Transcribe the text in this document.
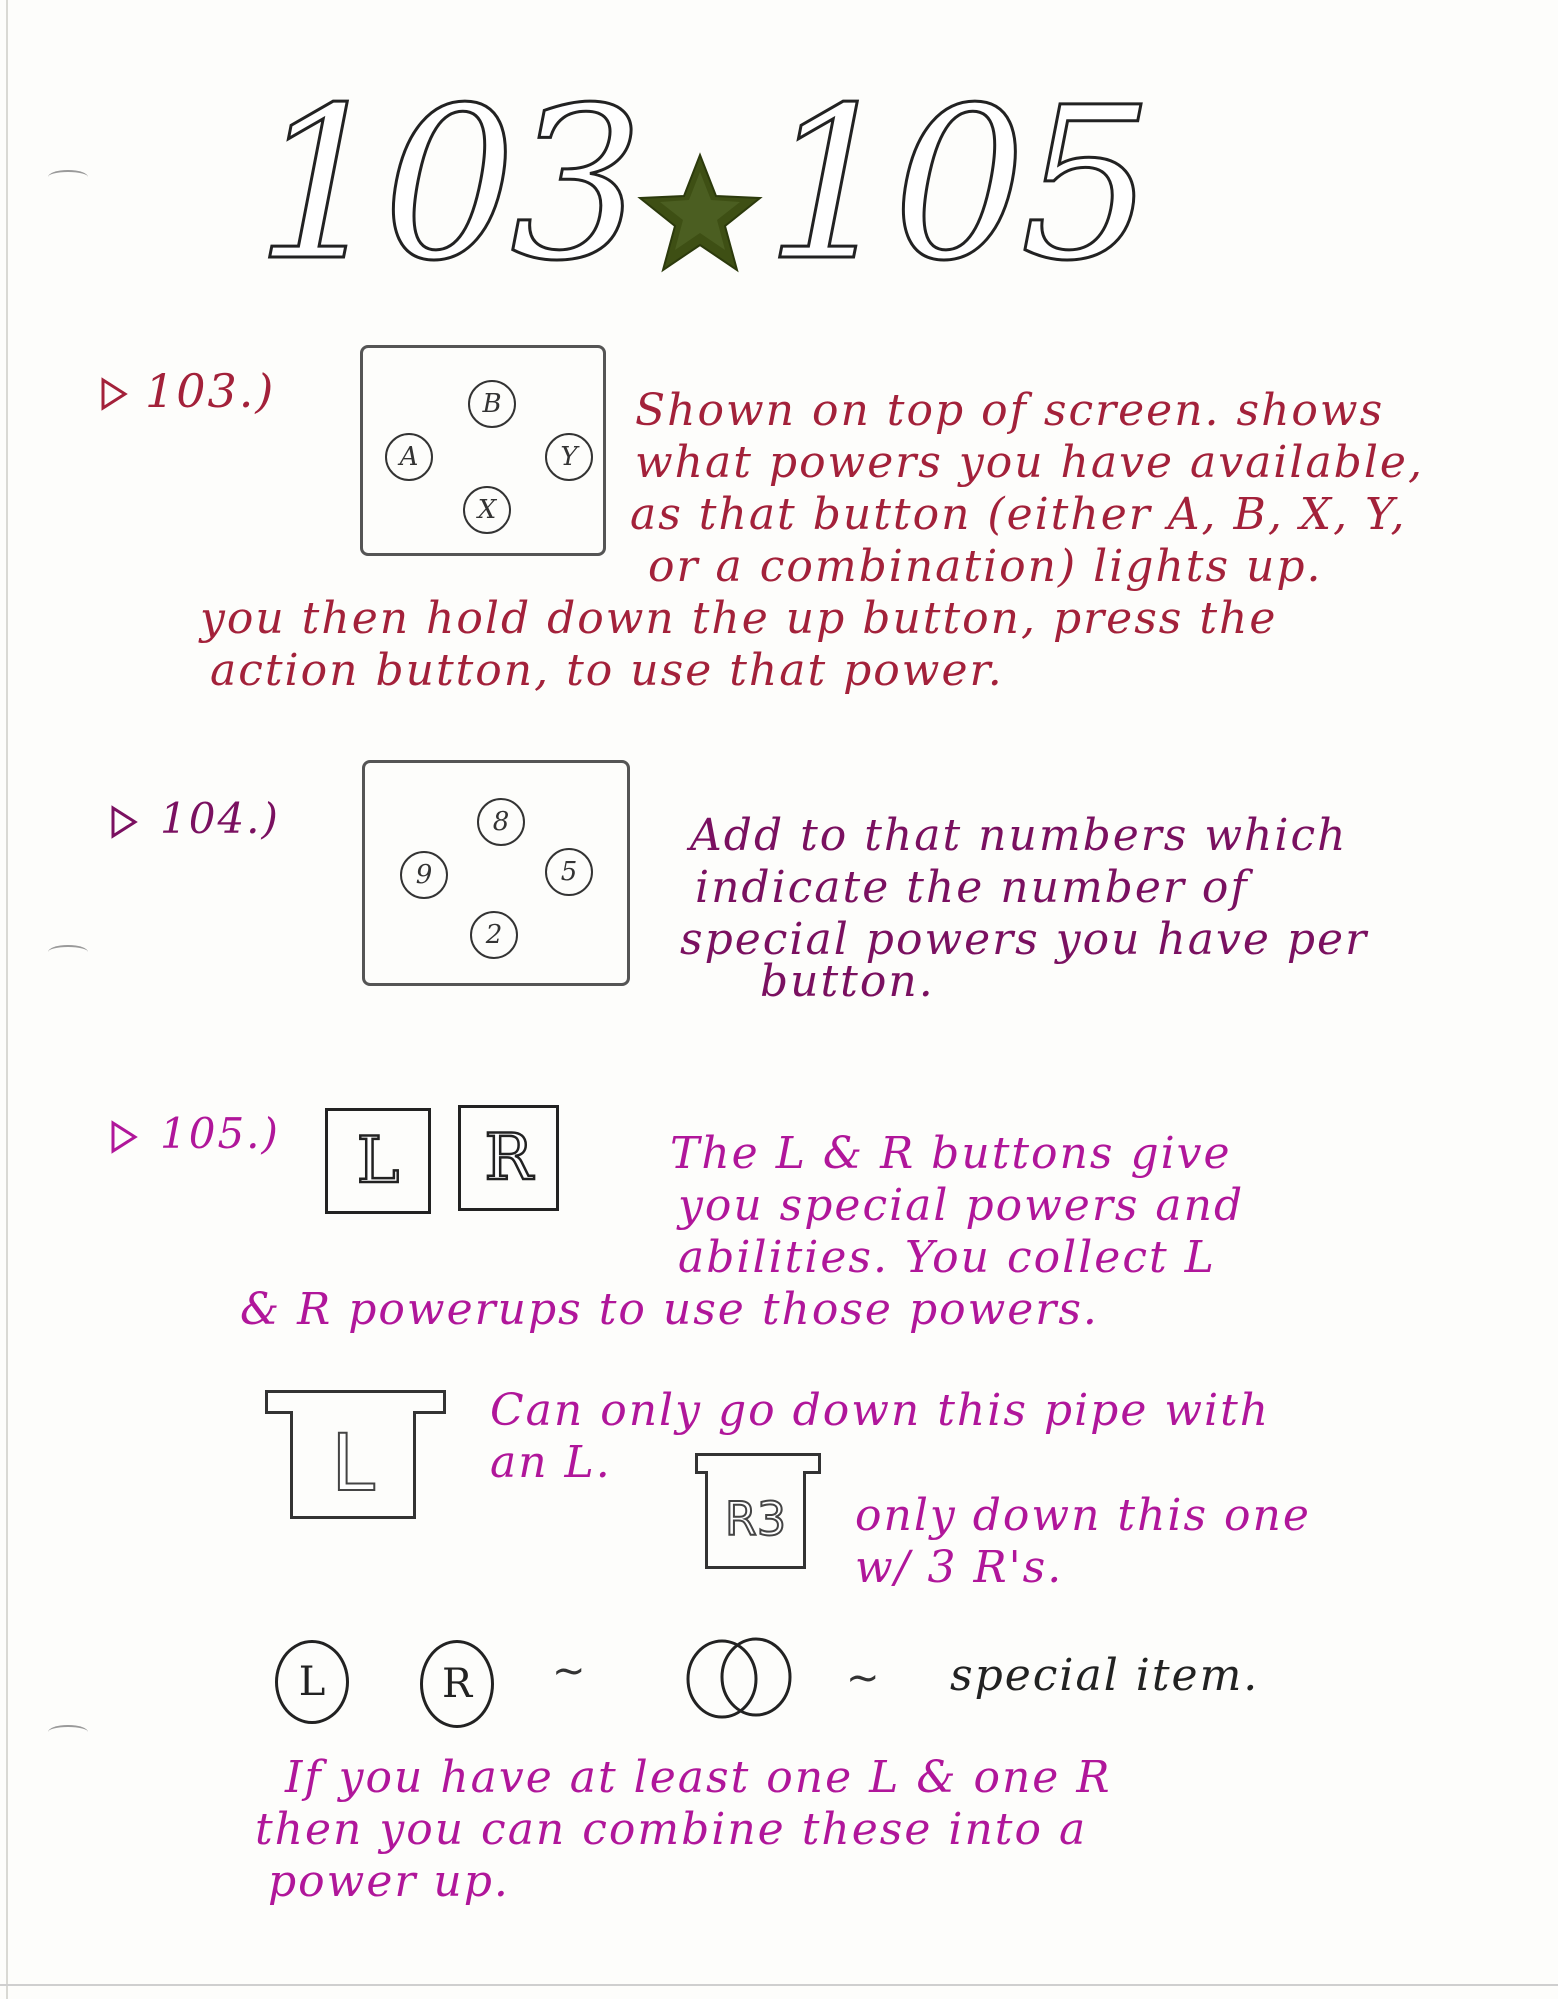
103 105
103.)	B
A	Y
X
Shown on top of screen. shows
what powers you have available,
as that button (either A, B, X, Y,
or a combination) lights up.
you then hold down the up button, press the
action button, to use that power.
104.)	8
9	5
2
Add to that numbers which
indicate the number of
special powers you have per
button.
105.)	L	R	The L & R buttons give
you special powers and
abilities. You collect L
& R powerups to use those powers.
L
Can only go down this pipe with
an L.
R3	only down this one
w/ 3 R's.
L	R	~	~ special item.
If you have at least one L & one R
then you can combine these into a
power up.
